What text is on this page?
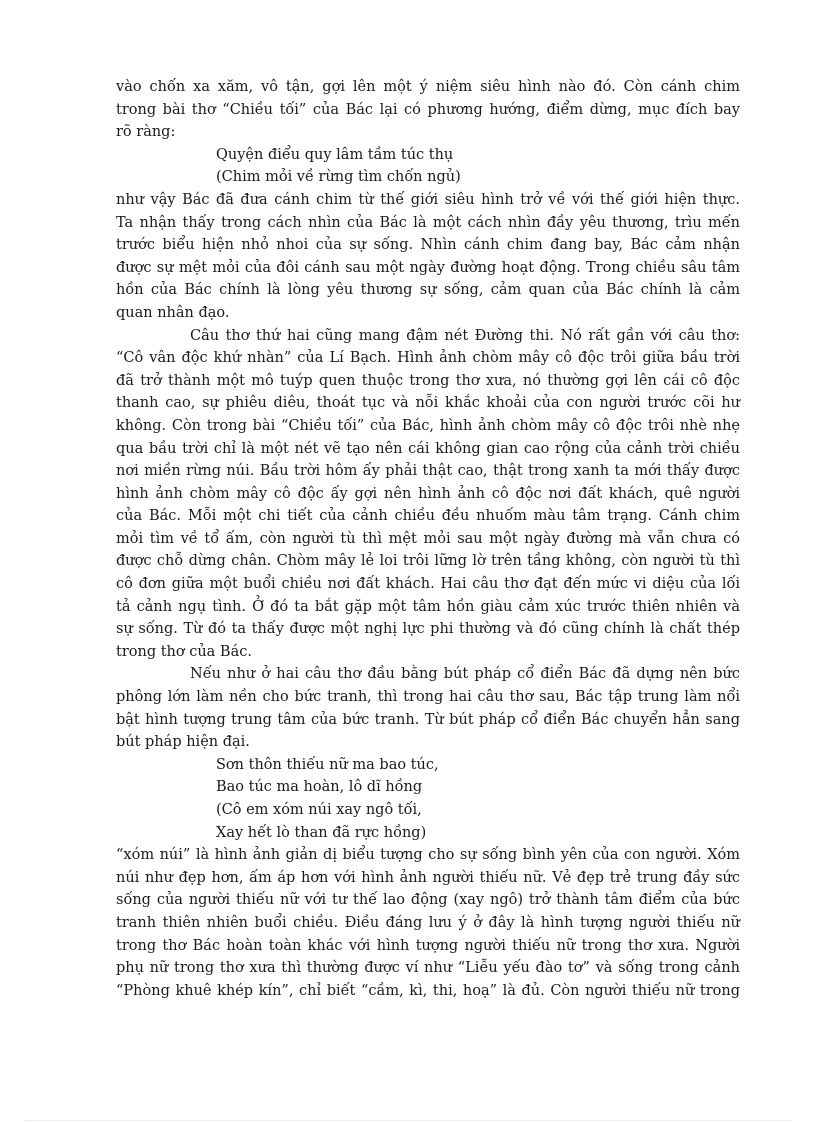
vào chốn xa xăm, vô tận, gợi lên một ý niệm siêu hình nào đó. Còn cánh chim
trong bài thơ “Chiều tối” của Bác lại có phương hướng, điểm dừng, mục đích bay
rõ ràng:
Quyện điểu quy lâm tầm túc thụ
(Chim mỏi về rừng tìm chốn ngủ)
như vậy Bác đã đưa cánh chim từ thế giới siêu hình trở về với thế giới hiện thực.
Ta nhận thấy trong cách nhìn của Bác là một cách nhìn đầy yêu thương, trìu mến
trước biểu hiện nhỏ nhoi của sự sống. Nhìn cánh chim đang bay, Bác cảm nhận
được sự mệt mỏi của đôi cánh sau một ngày đường hoạt động. Trong chiều sâu tâm
hồn của Bác chính là lòng yêu thương sự sống, cảm quan của Bác chính là cảm
quan nhân đạo.
Câu thơ thứ hai cũng mang đậm nét Đường thi. Nó rất gần với câu thơ:
“Cô vân độc khứ nhàn” của Lí Bạch. Hình ảnh chòm mây cô độc trôi giữa bầu trời
đã trở thành một mô tuýp quen thuộc trong thơ xưa, nó thường gợi lên cái cô độc
thanh cao, sự phiêu diêu, thoát tục và nỗi khắc khoải của con người trước cõi hư
không. Còn trong bài “Chiều tối” của Bác, hình ảnh chòm mây cô độc trôi nhè nhẹ
qua bầu trời chỉ là một nét vẽ tạo nên cái không gian cao rộng của cảnh trời chiều
nơi miền rừng núi. Bầu trời hôm ấy phải thật cao, thật trong xanh ta mới thấy được
hình ảnh chòm mây cô độc ấy gợi nên hình ảnh cô độc nơi đất khách, quê người
của Bác. Mỗi một chi tiết của cảnh chiều đều nhuốm màu tâm trạng. Cánh chim
mỏi tìm về tổ ấm, còn người tù thì mệt mỏi sau một ngày đường mà vẫn chưa có
được chỗ dừng chân. Chòm mây lẻ loi trôi lững lờ trên tầng không, còn người tù thì
cô đơn giữa một buổi chiều nơi đất khách. Hai câu thơ đạt đến mức vi diệu của lối
tả cảnh ngụ tình. Ở đó ta bắt gặp một tâm hồn giàu cảm xúc trước thiên nhiên và
sự sống. Từ đó ta thấy được một nghị lực phi thường và đó cũng chính là chất thép
trong thơ của Bác.
Nếu như ở hai câu thơ đầu bằng bút pháp cổ điển Bác đã dựng nên bức
phông lớn làm nền cho bức tranh, thì trong hai câu thơ sau, Bác tập trung làm nổi
bật hình tượng trung tâm của bức tranh. Từ bút pháp cổ điển Bác chuyển hẳn sang
bút pháp hiện đại.
Sơn thôn thiếu nữ ma bao túc,
Bao túc ma hoàn, lô dĩ hồng
(Cô em xóm núi xay ngô tối,
Xay hết lò than đã rực hồng)
“xóm núi” là hình ảnh giản dị biểu tượng cho sự sống bình yên của con người. Xóm
núi như đẹp hơn, ấm áp hơn với hình ảnh người thiếu nữ. Vẻ đẹp trẻ trung đầy sức
sống của người thiếu nữ với tư thế lao động (xay ngô) trở thành tâm điểm của bức
tranh thiên nhiên buổi chiều. Điều đáng lưu ý ở đây là hình tượng người thiếu nữ
trong thơ Bác hoàn toàn khác với hình tượng người thiếu nữ trong thơ xưa. Người
phụ nữ trong thơ xưa thì thường được ví như “Liễu yếu đào tơ” và sống trong cảnh
“Phòng khuê khép kín”, chỉ biết “cầm, kì, thi, hoạ” là đủ. Còn người thiếu nữ trong
